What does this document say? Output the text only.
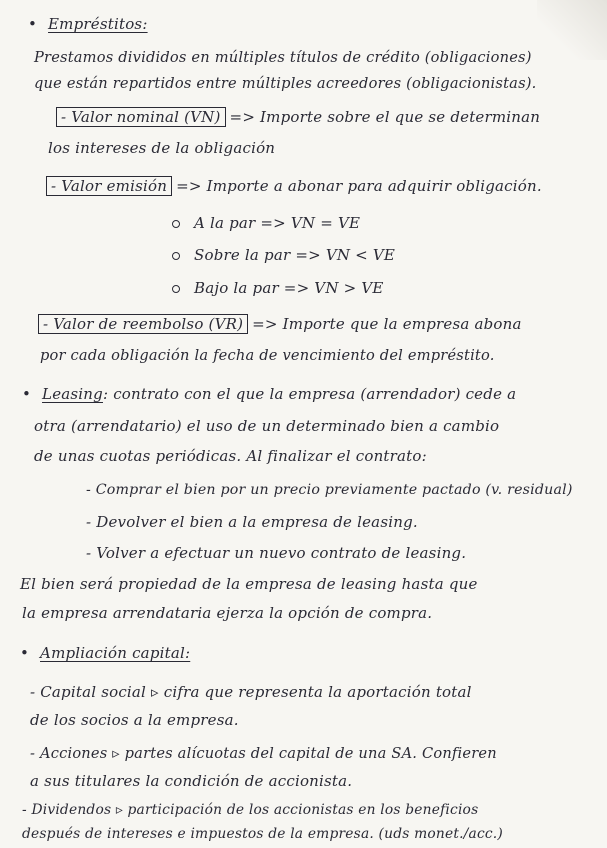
• Empréstitos:
Prestamos divididos en múltiples títulos de crédito (obligaciones)
que están repartidos entre múltiples acreedores (obligacionistas).
- Valor nominal (VN) => Importe sobre el que se determinan
los intereses de la obligación
- Valor emisión => Importe a abonar para adquirir obligación.
A la par => VN = VE
Sobre la par => VN < VE
Bajo la par => VN > VE
- Valor de reembolso (VR) => Importe que la empresa abona
por cada obligación la fecha de vencimiento del empréstito.
• Leasing: contrato con el que la empresa (arrendador) cede a
otra (arrendatario) el uso de un determinado bien a cambio
de unas cuotas periódicas. Al finalizar el contrato:
- Comprar el bien por un precio previamente pactado (v. residual)
- Devolver el bien a la empresa de leasing.
- Volver a efectuar un nuevo contrato de leasing.
El bien será propiedad de la empresa de leasing hasta que
la empresa arrendataria ejerza la opción de compra.
• Ampliación capital:
- Capital social ▹ cifra que representa la aportación total
de los socios a la empresa.
- Acciones ▹ partes alícuotas del capital de una SA. Confieren
a sus titulares la condición de accionista.
- Dividendos ▹ participación de los accionistas en los beneficios
después de intereses e impuestos de la empresa. (uds monet./acc.)
